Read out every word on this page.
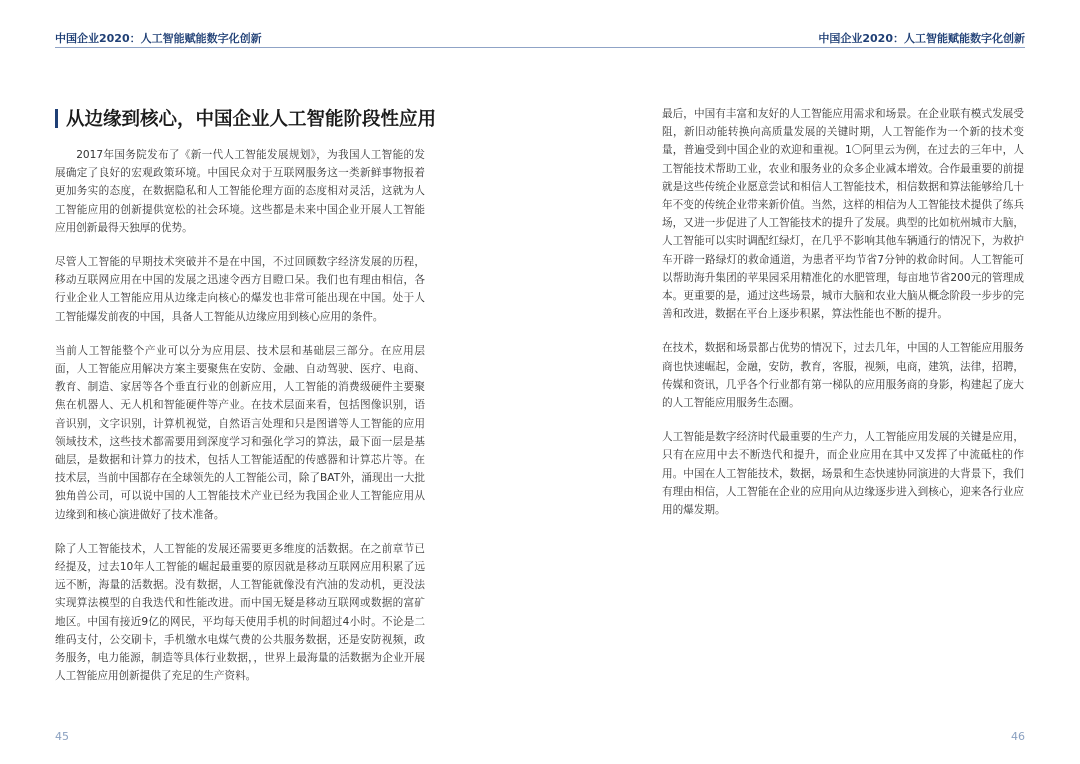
中国企业2020：人工智能赋能数字化创新
从边缘到核心，中国企业人工智能阶段性应用

2017年国务院发布了《新一代人工智能发展规划》，为我国人工智能的发展确定了良好的宏观政策环境。中国民众对于互联网服务这一类新鲜事物报着更加务实的态度，在数据隐私和人工智能伦理方面的态度相对灵活，这就为人工智能应用的创新提供宽松的社会环境。这些都是未来中国企业开展人工智能应用创新最得天独厚的优势。

尽管人工智能的早期技术突破并不是在中国，不过回顾数字经济发展的历程，移动互联网应用在中国的发展之迅速令西方目瞪口呆。我们也有理由相信，各行业企业人工智能应用从边缘走向核心的爆发也非常可能出现在中国。处于人工智能爆发前夜的中国，具备人工智能从边缘应用到核心应用的条件。

当前人工智能整个产业可以分为应用层、技术层和基础层三部分。在应用层面，人工智能应用解决方案主要聚焦在安防、金融、自动驾驶、医疗、电商、教育、制造、家居等各个垂直行业的创新应用，人工智能的消费级硬件主要聚焦在机器人、无人机和智能硬件等产业。在技术层面来看，包括图像识别，语音识别，文字识别，计算机视觉，自然语言处理和只是图谱等人工智能的应用领域技术，这些技术都需要用到深度学习和强化学习的算法，最下面一层是基础层，是数据和计算力的技术，包括人工智能适配的传感器和计算芯片等。在技术层，当前中国都存在全球领先的人工智能公司，除了BAT外，涌现出一大批独角兽公司，可以说中国的人工智能技术产业已经为我国企业人工智能应用从边缘到和核心演进做好了技术准备。

除了人工智能技术，人工智能的发展还需要更多维度的活数据。在之前章节已经提及，过去10年人工智能的崛起最重要的原因就是移动互联网应用积累了远远不断，海量的活数据。没有数据，人工智能就像没有汽油的发动机，更没法实现算法模型的自我迭代和性能改进。而中国无疑是移动互联网或数据的富矿地区。中国有接近9亿的网民，平均每天使用手机的时间超过4小时。不论是二维码支付，公交刷卡，手机缴水电煤气费的公共服务数据，还是安防视频，政务服务，电力能源，制造等具体行业数据，，世界上最海量的活数据为企业开展人工智能应用创新提供了充足的生产资料。

45
中国企业2020：人工智能赋能数字化创新

最后，中国有丰富和友好的人工智能应用需求和场景。在企业联有模式发展受阻，新旧动能转换向高质量发展的关键时期，人工智能作为一个新的技术变量，普遍受到中国企业的欢迎和重视。1〇阿里云为例，在过去的三年中，人工智能技术帮助工业，农业和服务业的众多企业减本增效。合作最重要的前提就是这些传统企业愿意尝试和相信人工智能技术，相信数据和算法能够给几十年不变的传统企业带来新价值。当然，这样的相信为人工智能技术提供了练兵场，又进一步促进了人工智能技术的提升了发展。典型的比如杭州城市大脑，人工智能可以实时调配红绿灯，在几乎不影响其他车辆通行的情况下，为救护车开辟一路绿灯的救命通道，为患者平均节省7分钟的救命时间。人工智能可以帮助海升集团的苹果园采用精准化的水肥管理，每亩地节省200元的管理成本。更重要的是，通过这些场景，城市大脑和农业大脑从概念阶段一步步的完善和改进，数据在平台上逐步积累，算法性能也不断的提升。

在技术，数据和场景都占优势的情况下，过去几年，中国的人工智能应用服务商也快速崛起，金融，安防，教育，客服，视频，电商，建筑，法律，招聘，传媒和资讯，几乎各个行业都有第一梯队的应用服务商的身影，构建起了庞大的人工智能应用服务生态圈。

人工智能是数字经济时代最重要的生产力，人工智能应用发展的关键是应用，只有在应用中去不断迭代和提升，而企业应用在其中又发挥了中流砥柱的作用。中国在人工智能技术，数据，场景和生态快速协同演进的大背景下，我们有理由相信，人工智能在企业的应用向从边缘逐步进入到核心，迎来各行业应用的爆发期。

46
